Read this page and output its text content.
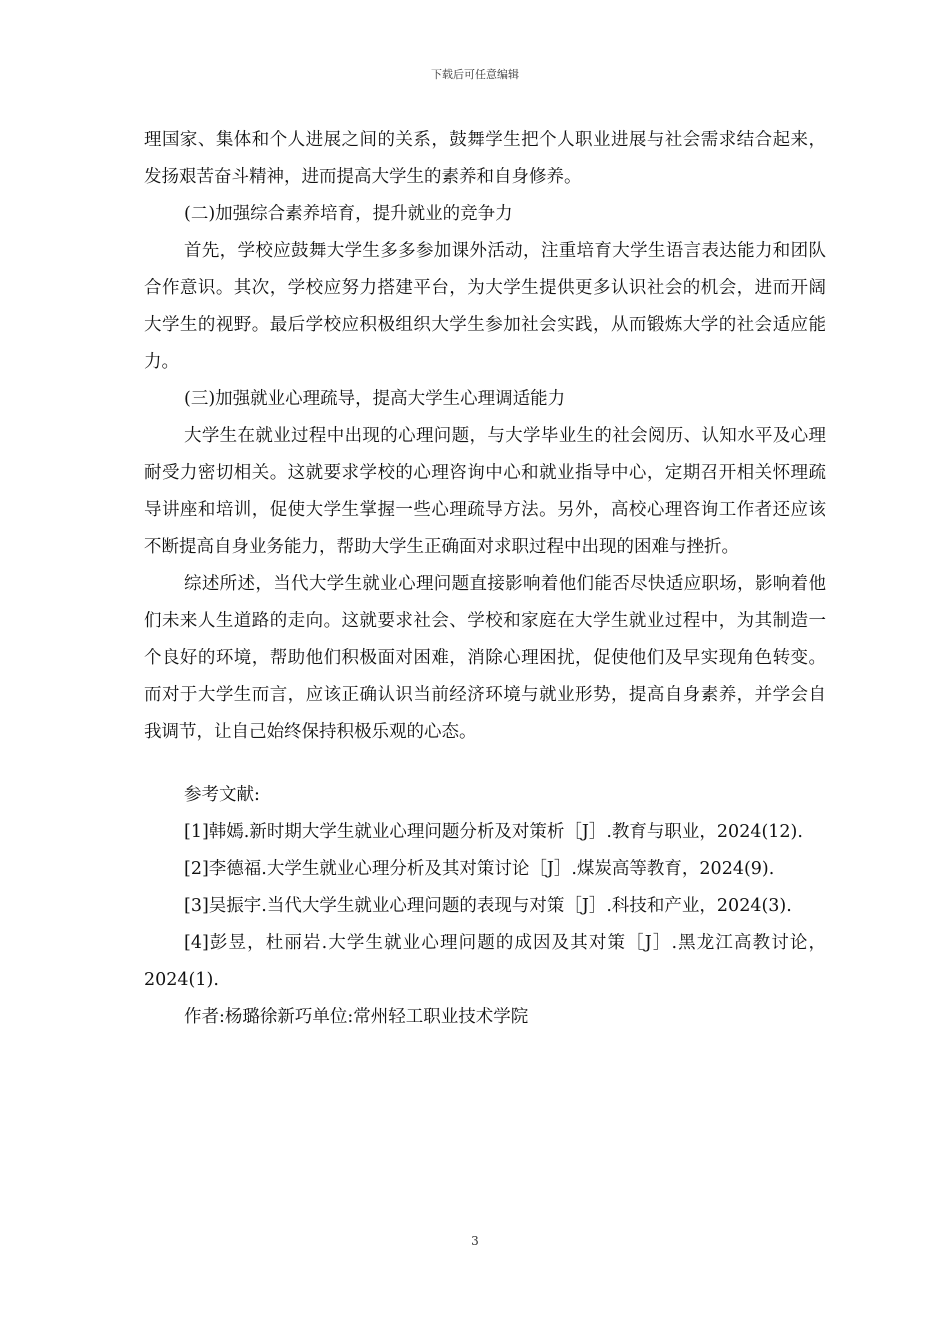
下载后可任意编辑

理国家、集体和个人进展之间的关系，鼓舞学生把个人职业进展与社会需求结合起来，发扬艰苦奋斗精神，进而提高大学生的素养和自身修养。

(二)加强综合素养培育，提升就业的竞争力

首先，学校应鼓舞大学生多多参加课外活动，注重培育大学生语言表达能力和团队合作意识。其次，学校应努力搭建平台，为大学生提供更多认识社会的机会，进而开阔大学生的视野。最后学校应积极组织大学生参加社会实践，从而锻炼大学的社会适应能力。

(三)加强就业心理疏导，提高大学生心理调适能力

大学生在就业过程中出现的心理问题，与大学毕业生的社会阅历、认知水平及心理耐受力密切相关。这就要求学校的心理咨询中心和就业指导中心，定期召开相关怀理疏导讲座和培训，促使大学生掌握一些心理疏导方法。另外，高校心理咨询工作者还应该不断提高自身业务能力，帮助大学生正确面对求职过程中出现的困难与挫折。

综述所述，当代大学生就业心理问题直接影响着他们能否尽快适应职场，影响着他们未来人生道路的走向。这就要求社会、学校和家庭在大学生就业过程中，为其制造一个良好的环境，帮助他们积极面对困难，消除心理困扰，促使他们及早实现角色转变。而对于大学生而言，应该正确认识当前经济环境与就业形势，提高自身素养，并学会自我调节，让自己始终保持积极乐观的心态。

参考文献:

[1]韩嫣.新时期大学生就业心理问题分析及对策析［J］.教育与职业，2024(12).

[2]李德福.大学生就业心理分析及其对策讨论［J］.煤炭高等教育，2024(9).

[3]吴振宇.当代大学生就业心理问题的表现与对策［J］.科技和产业，2024(3).

[4]彭昱，杜丽岩.大学生就业心理问题的成因及其对策［J］.黑龙江高教讨论，2024(1).

作者:杨璐徐新巧单位:常州轻工职业技术学院

3
